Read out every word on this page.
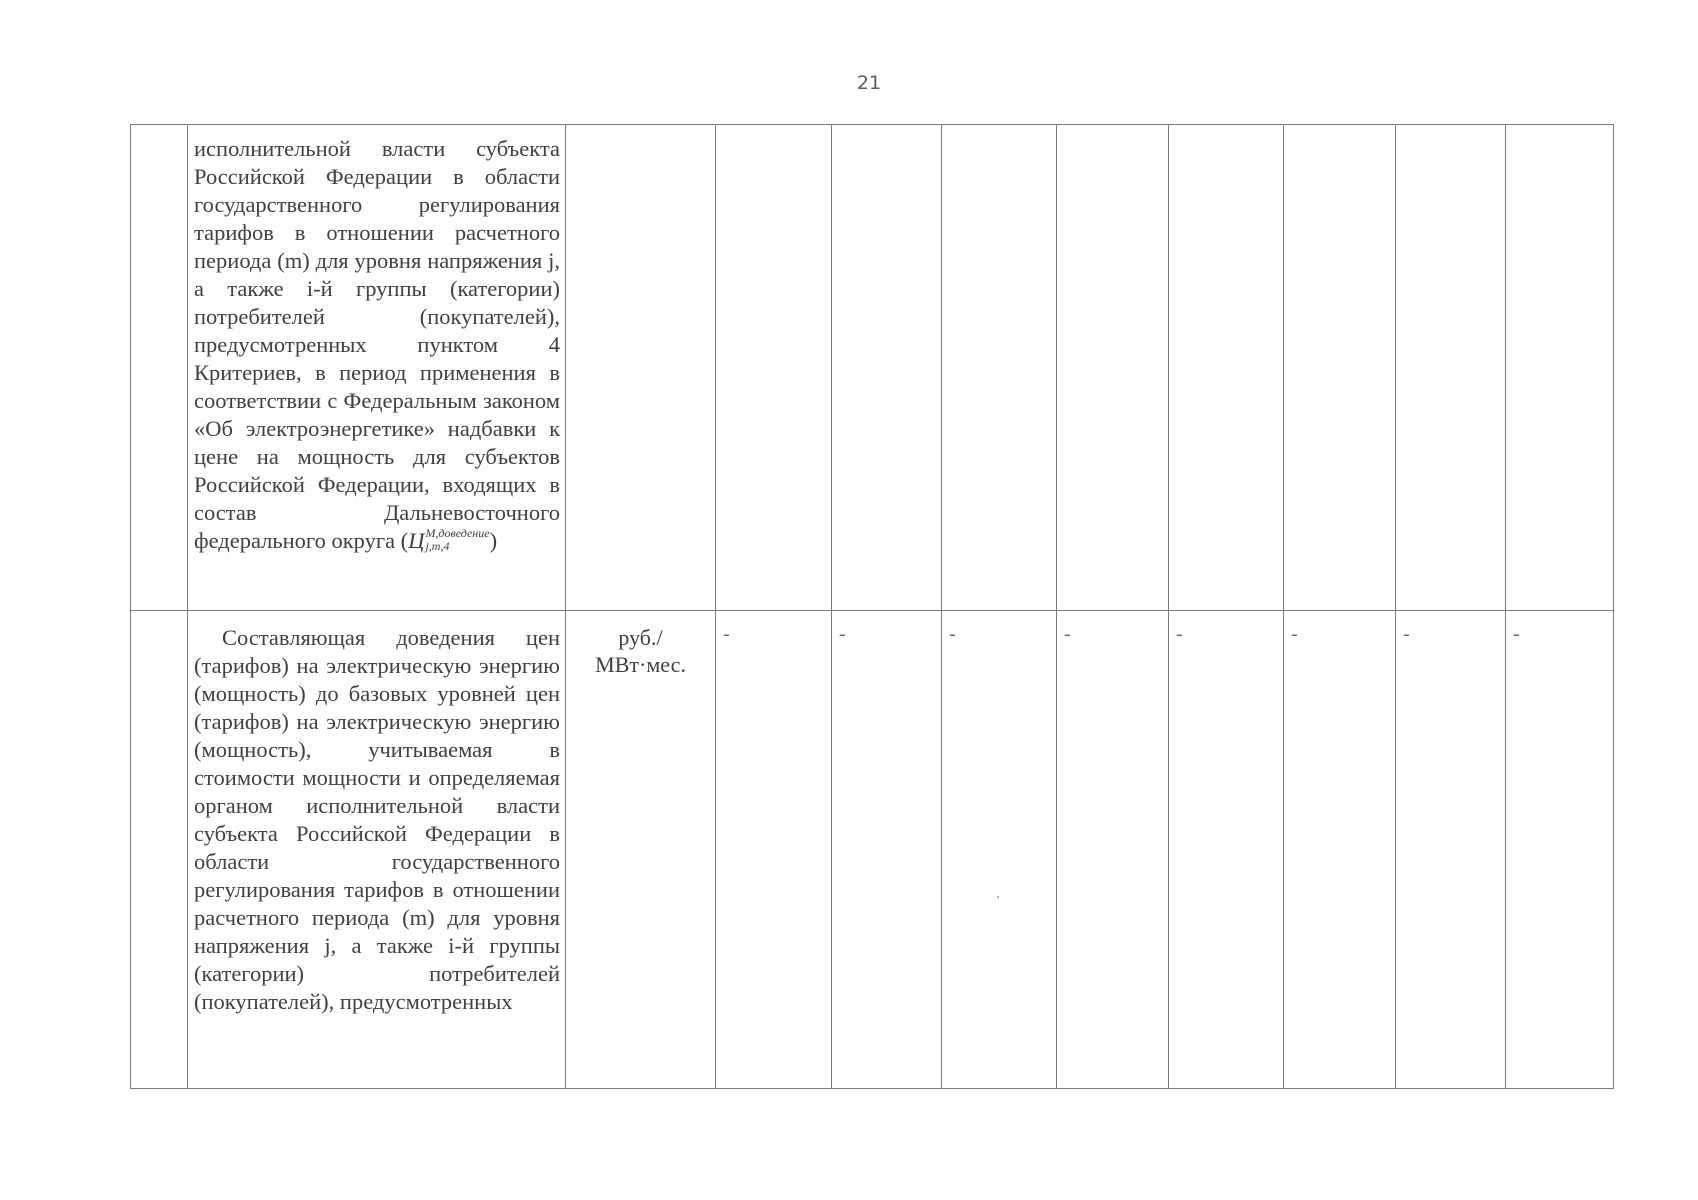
21
	исполнительной власти субъекта Российской Федерации в области государственного регулирования тарифов в отношении расчетного периода (m) для уровня напряжения j, а также i-й группы (категории) потребителей (покупателей), предусмотренных пунктом 4 Критериев, в период применения в соответствии с Федеральным законом «Об электроэнергетике» надбавки к цене на мощность для субъектов Российской Федерации, входящих в состав Дальневосточного федерального округа (ЦM,доведение
j,m,4 )									
	Составляющая доведения цен (тарифов) на электрическую энергию (мощность) до базовых уровней цен (тарифов) на электрическую энергию (мощность), учитываемая в стоимости мощности и определяемая органом исполнительной власти субъекта Российской Федерации в области государственного регулирования тарифов в отношении расчетного периода (m) для уровня напряжения j, а также i-й группы (категории) потребителей (покупателей), предусмотренных	руб./
МВт·мес.	-	-	-	-	-	-	-	-
